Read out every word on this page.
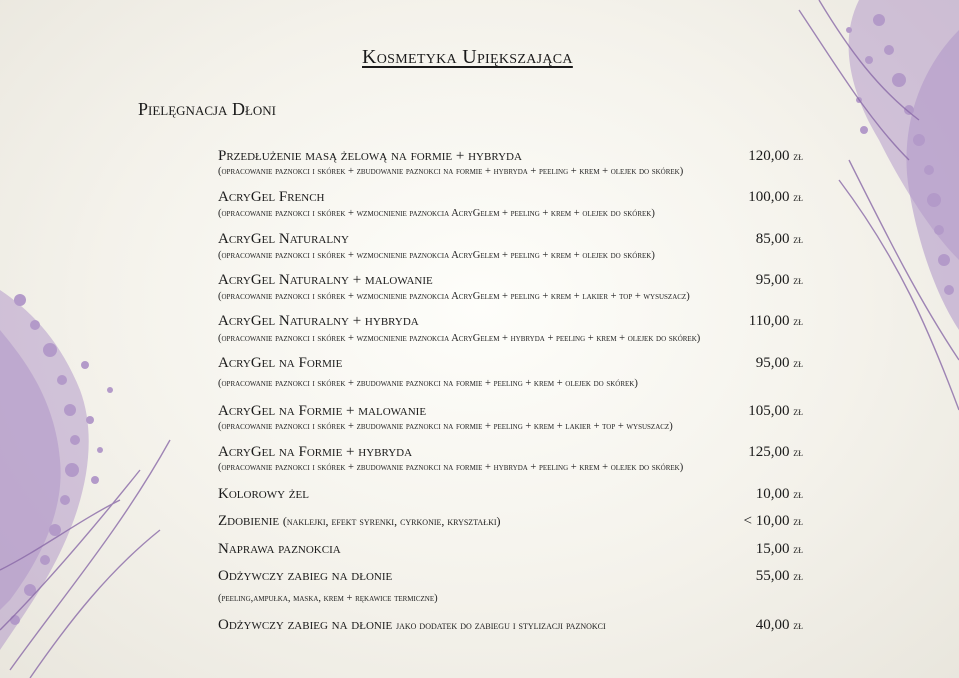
Kosmetyka Upiększająca
Pielęgnacja Dłoni
Przedłużenie masą żelową na formie + hybryda	120,00 zł
(opracowanie paznokci i skórek + zbudowanie paznokci na formie + hybryda + peeling + krem + olejek do skórek)
AcryGel French	100,00 zł
(opracowanie paznokci i skórek + wzmocnienie paznokcia AcryGelem + peeling + krem + olejek do skórek)
AcryGel Naturalny	85,00 zł
(opracowanie paznokci i skórek + wzmocnienie paznokcia AcryGelem + peeling + krem + olejek do skórek)
AcryGel Naturalny + malowanie	95,00 zł
(opracowanie paznokci i skórek + wzmocnienie paznokcia AcryGelem + peeling + krem + lakier + top + wysuszacz)
AcryGel Naturalny + hybryda	110,00 zł
(opracowanie paznokci i skórek + wzmocnienie paznokcia AcryGelem + hybryda + peeling + krem + olejek do skórek)
AcryGel na Formie	95,00 zł
(opracowanie paznokci i skórek + zbudowanie paznokci na formie + peeling + krem + olejek do skórek)
AcryGel na Formie + malowanie	105,00 zł
(opracowanie paznokci i skórek + zbudowanie paznokci na formie + peeling + krem + lakier + top + wysuszacz)
AcryGel na Formie + hybryda	125,00 zł
(opracowanie paznokci i skórek + zbudowanie paznokci na formie + hybryda + peeling + krem + olejek do skórek)
Kolorowy żel	10,00 zł
Zdobienie (naklejki, efekt syrenki, cyrkonie, kryształki)	< 10,00 zł
Naprawa paznokcia	15,00 zł
Odżywczy zabieg na dłonie	55,00 zł
(peeling,ampułka, maska, krem + rękawice termiczne)
Odżywczy zabieg na dłonie jako dodatek do zabiegu i stylizacji paznokci	40,00 zł
